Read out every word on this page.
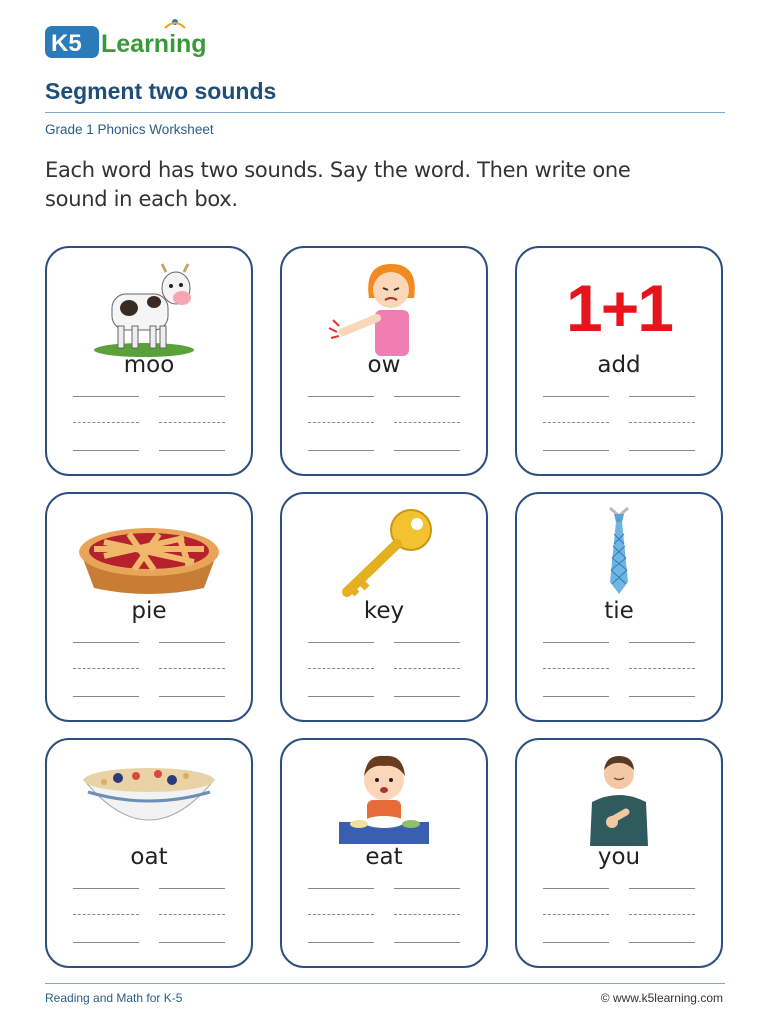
K5 Learning
Segment two sounds
Grade 1 Phonics Worksheet
Each word has two sounds. Say the word. Then write one sound in each box.
moo	ow
1+1
add
pie	key	tie
oat	eat	you
Reading and Math for K-5	© www.k5learning.com
